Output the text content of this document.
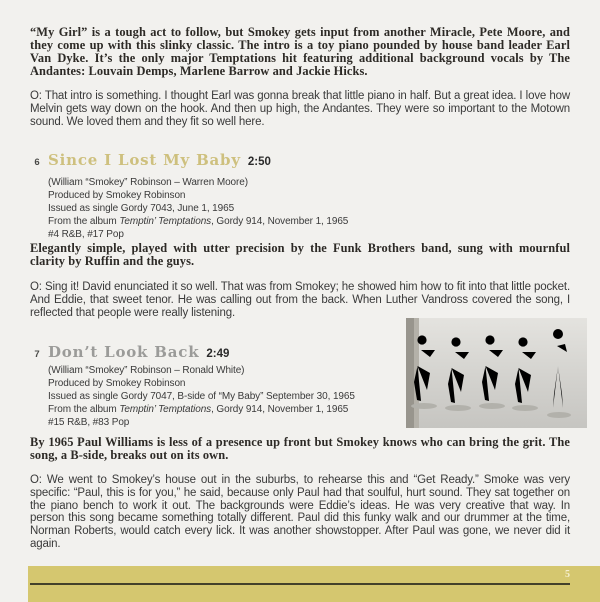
“My Girl” is a tough act to follow, but Smokey gets input from another Miracle, Pete Moore, and they come up with this slinky classic. The intro is a toy piano pounded by house band leader Earl Van Dyke. It’s the only major Temptations hit featuring additional background vocals by The Andantes: Louvain Demps, Marlene Barrow and Jackie Hicks.
O: That intro is something. I thought Earl was gonna break that little piano in half. But a great idea. I love how Melvin gets way down on the hook. And then up high, the Andantes. They were so important to the Motown sound. We loved them and they fit so well here.
6 Since I Lost My Baby 2:50
(William “Smokey” Robinson – Warren Moore)
Produced by Smokey Robinson
Issued as single Gordy 7043, June 1, 1965
From the album Temptin’ Temptations, Gordy 914, November 1, 1965
#4 R&B, #17 Pop
Elegantly simple, played with utter precision by the Funk Brothers band, sung with mournful clarity by Ruffin and the guys.
O: Sing it! David enunciated it so well. That was from Smokey; he showed him how to fit into that little pocket. And Eddie, that sweet tenor. He was calling out from the back. When Luther Vandross covered the song, I reflected that people were really listening.
7 Don’t Look Back 2:49
(William “Smokey” Robinson – Ronald White)
Produced by Smokey Robinson
Issued as single Gordy 7047, B-side of “My Baby” September 30, 1965
From the album Temptin’ Temptations, Gordy 914, November 1, 1965
#15 R&B, #83 Pop
By 1965 Paul Williams is less of a presence up front but Smokey knows who can bring the grit. The song, a B-side, breaks out on its own.
O: We went to Smokey’s house out in the suburbs, to rehearse this and “Get Ready.” Smoke was very specific: “Paul, this is for you,” he said, because only Paul had that soulful, hurt sound. They sat together on the piano bench to work it out. The backgrounds were Eddie’s ideas. He was very creative that way. In person this song became something totally different. Paul did this funky walk and our drummer at the time, Norman Roberts, would catch every lick. It was another showstopper. After Paul was gone, we never did it again.
5
